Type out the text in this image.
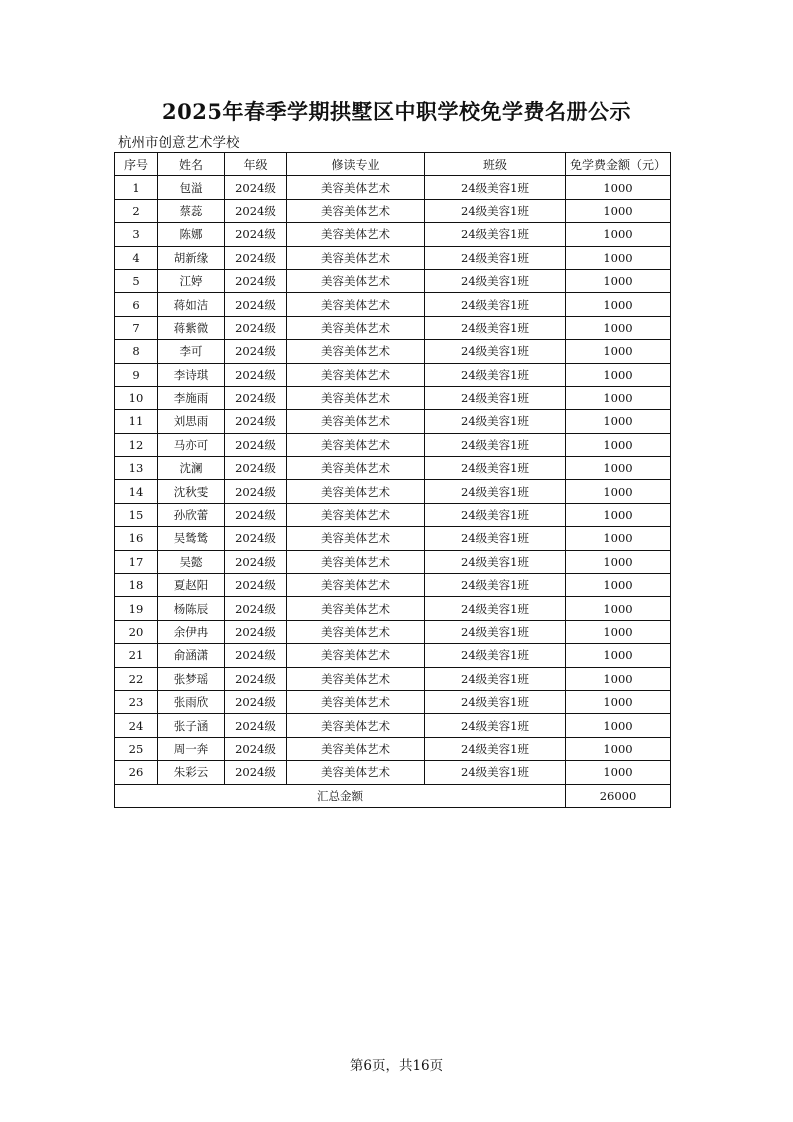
2025年春季学期拱墅区中职学校免学费名册公示
杭州市创意艺术学校
序号	姓名	年级	修读专业	班级	免学费金额（元）
1	包溢	2024级	美容美体艺术	24级美容1班	1000
2	蔡蕊	2024级	美容美体艺术	24级美容1班	1000
3	陈娜	2024级	美容美体艺术	24级美容1班	1000
4	胡新缘	2024级	美容美体艺术	24级美容1班	1000
5	江婷	2024级	美容美体艺术	24级美容1班	1000
6	蒋如洁	2024级	美容美体艺术	24级美容1班	1000
7	蒋紫微	2024级	美容美体艺术	24级美容1班	1000
8	李可	2024级	美容美体艺术	24级美容1班	1000
9	李诗琪	2024级	美容美体艺术	24级美容1班	1000
10	李施雨	2024级	美容美体艺术	24级美容1班	1000
11	刘思雨	2024级	美容美体艺术	24级美容1班	1000
12	马亦可	2024级	美容美体艺术	24级美容1班	1000
13	沈澜	2024级	美容美体艺术	24级美容1班	1000
14	沈秋雯	2024级	美容美体艺术	24级美容1班	1000
15	孙欣蕾	2024级	美容美体艺术	24级美容1班	1000
16	吴鸶鸶	2024级	美容美体艺术	24级美容1班	1000
17	吴懿	2024级	美容美体艺术	24级美容1班	1000
18	夏赵阳	2024级	美容美体艺术	24级美容1班	1000
19	杨陈辰	2024级	美容美体艺术	24级美容1班	1000
20	余伊冉	2024级	美容美体艺术	24级美容1班	1000
21	俞涵潇	2024级	美容美体艺术	24级美容1班	1000
22	张梦瑶	2024级	美容美体艺术	24级美容1班	1000
23	张雨欣	2024级	美容美体艺术	24级美容1班	1000
24	张子涵	2024级	美容美体艺术	24级美容1班	1000
25	周一奔	2024级	美容美体艺术	24级美容1班	1000
26	朱彩云	2024级	美容美体艺术	24级美容1班	1000
汇总金额					26000
第6页，共16页
